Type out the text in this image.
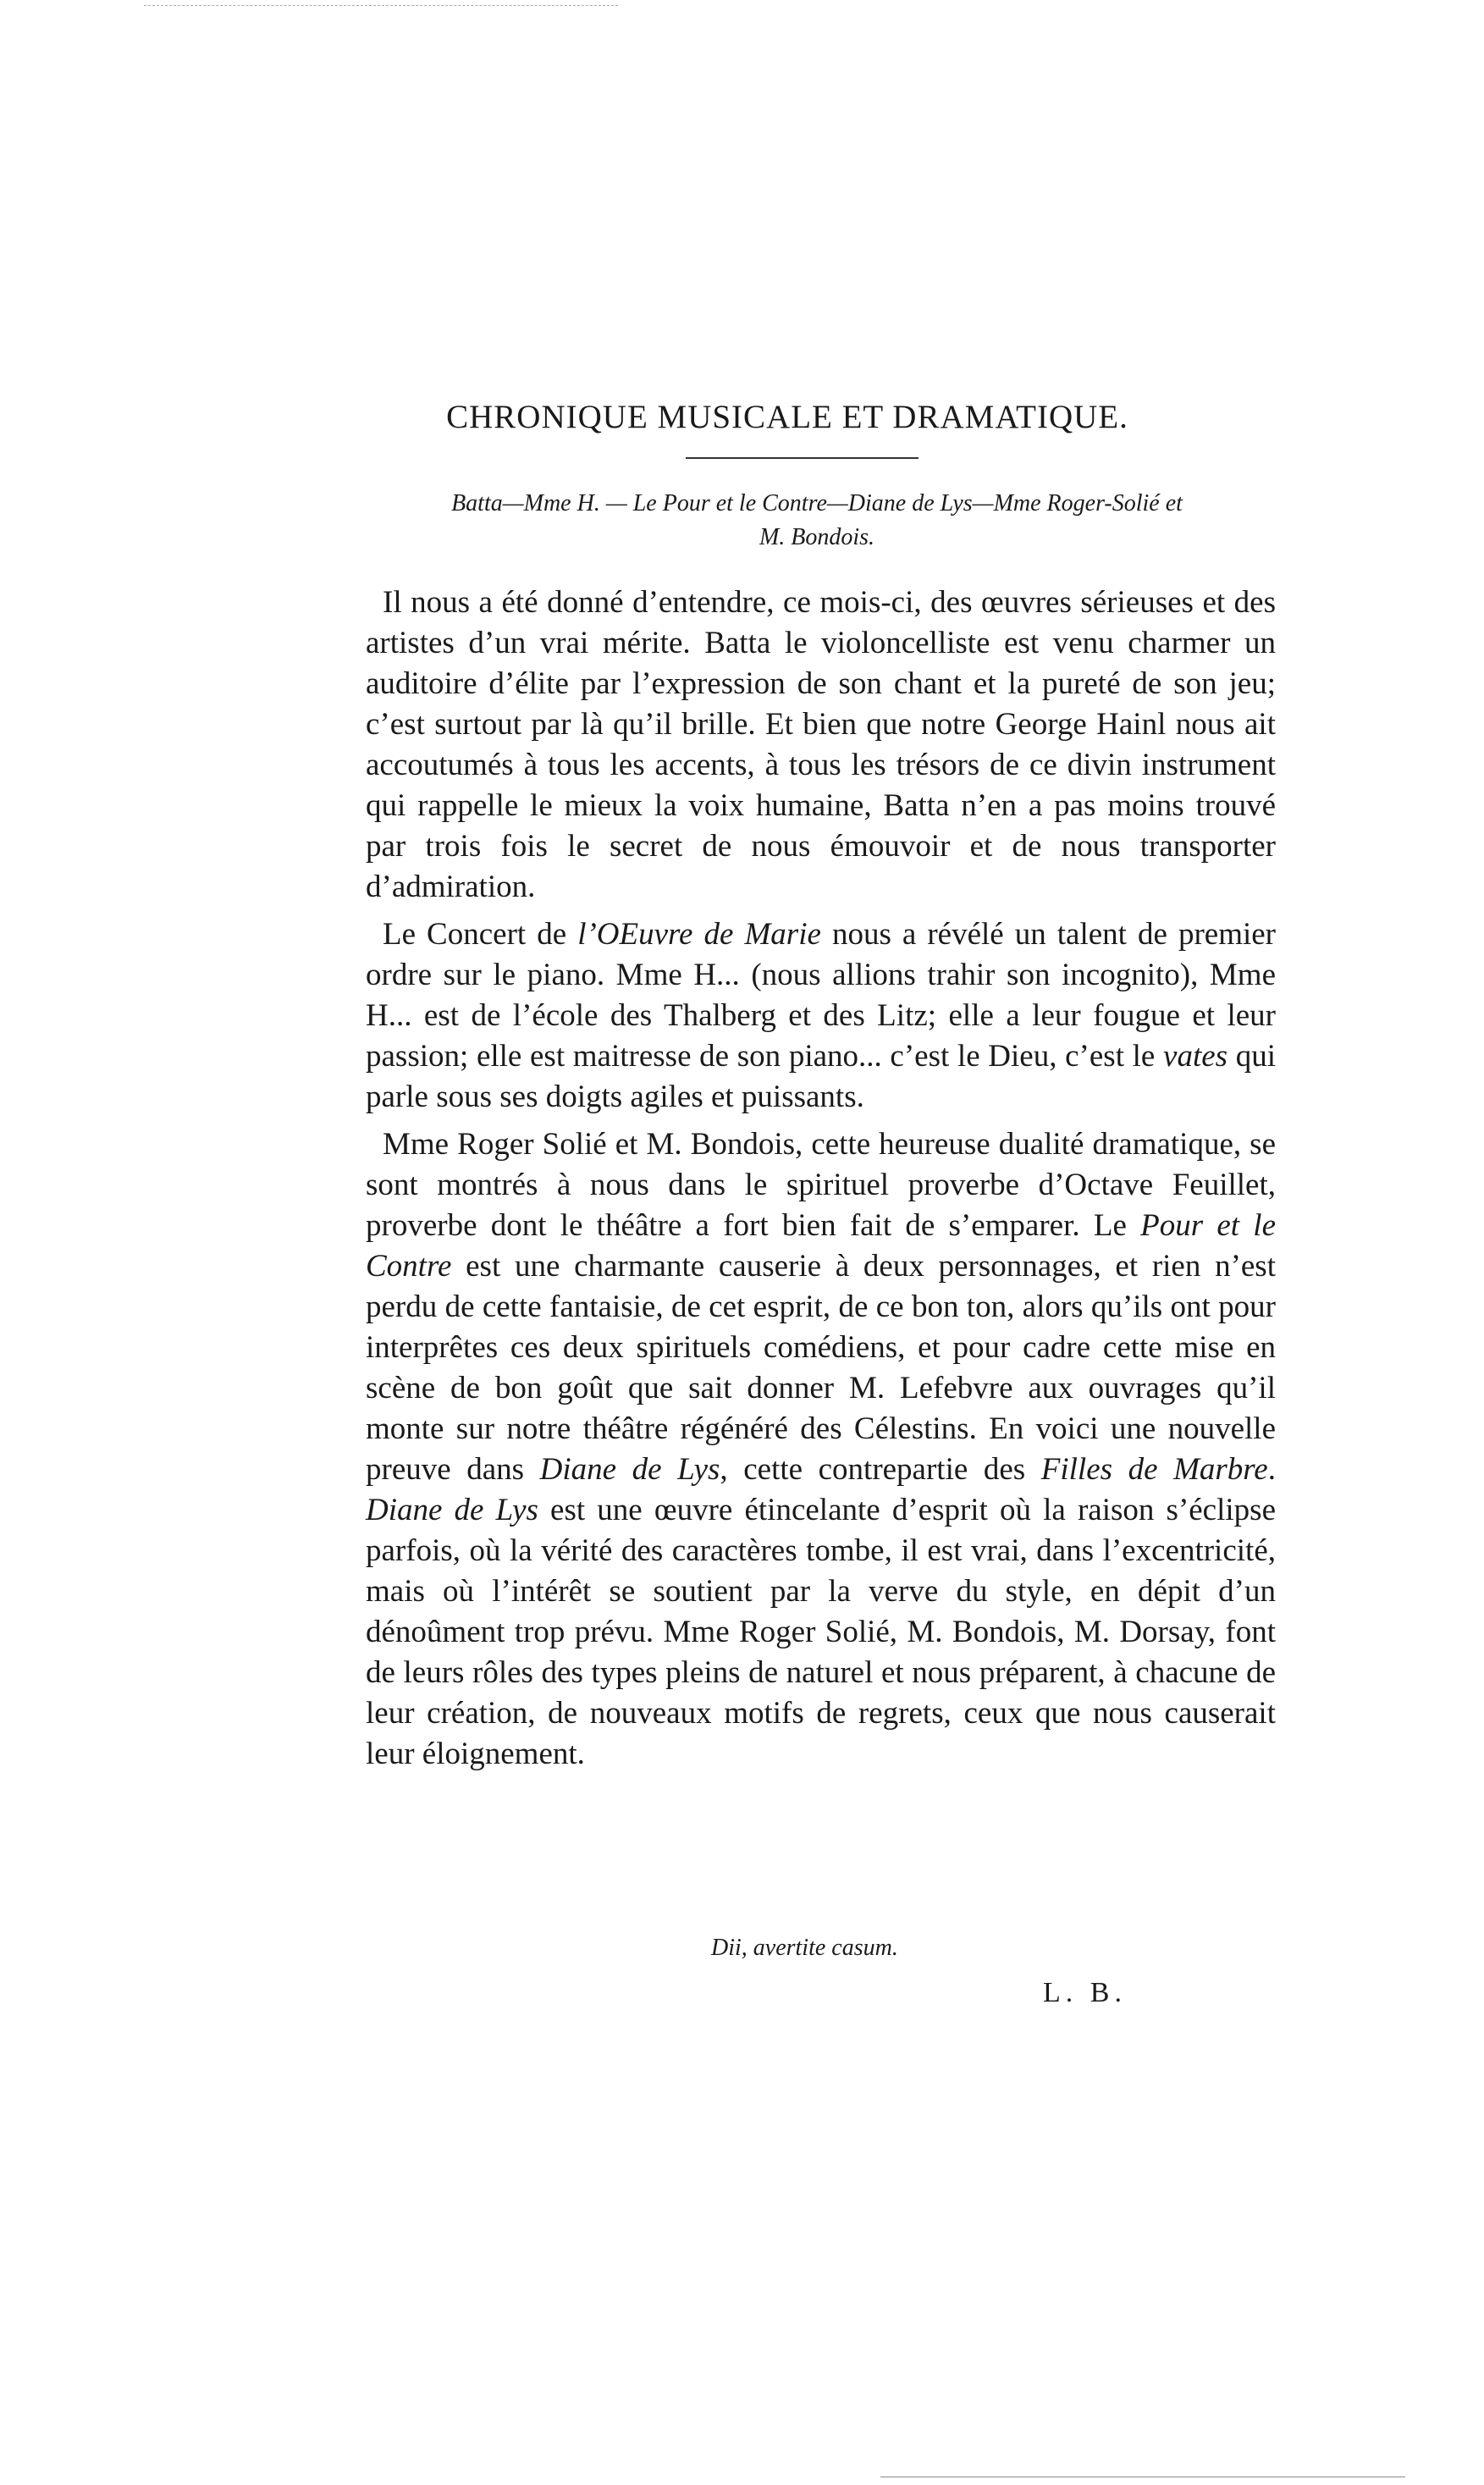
CHRONIQUE MUSICALE ET DRAMATIQUE.
Batta—Mme H. — Le Pour et le Contre—Diane de Lys—Mme Roger-Solié et
M. Bondois.

Il nous a été donné d’entendre, ce mois-ci, des œuvres sérieuses et des artistes d’un vrai mérite. Batta le violoncelliste est venu charmer un auditoire d’élite par l’expression de son chant et la pureté de son jeu; c’est surtout par là qu’il brille. Et bien que notre George Hainl nous ait accoutumés à tous les accents, à tous les trésors de ce divin instrument qui rappelle le mieux la voix humaine, Batta n’en a pas moins trouvé par trois fois le secret de nous émouvoir et de nous transporter d’admiration.

Le Concert de l’OEuvre de Marie nous a révélé un talent de premier ordre sur le piano. Mme H... (nous allions trahir son incognito), Mme H... est de l’école des Thalberg et des Litz; elle a leur fougue et leur passion; elle est maitresse de son piano... c’est le Dieu, c’est le vates qui parle sous ses doigts agiles et puissants.

Mme Roger Solié et M. Bondois, cette heureuse dualité dramatique, se sont montrés à nous dans le spirituel proverbe d’Octave Feuillet, proverbe dont le théâtre a fort bien fait de s’emparer. Le Pour et le Contre est une charmante causerie à deux personnages, et rien n’est perdu de cette fantaisie, de cet esprit, de ce bon ton, alors qu’ils ont pour interprêtes ces deux spirituels comédiens, et pour cadre cette mise en scène de bon goût que sait donner M. Lefebvre aux ouvrages qu’il monte sur notre théâtre régénéré des Célestins. En voici une nouvelle preuve dans Diane de Lys, cette contrepartie des Filles de Marbre. Diane de Lys est une œuvre étincelante d’esprit où la raison s’éclipse parfois, où la vérité des caractères tombe, il est vrai, dans l’excentricité, mais où l’intérêt se soutient par la verve du style, en dépit d’un dénoûment trop prévu. Mme Roger Solié, M. Bondois, M. Dorsay, font de leurs rôles des types pleins de naturel et nous préparent, à chacune de leur création, de nouveaux motifs de regrets, ceux que nous causerait leur éloignement.

Dii, avertite casum.

L. B.
